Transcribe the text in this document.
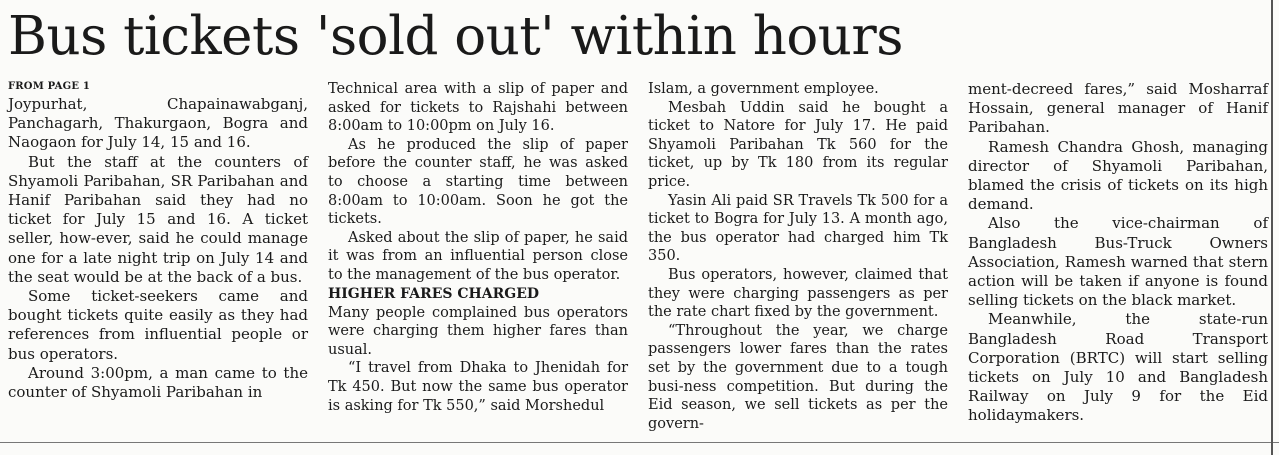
Bus tickets 'sold out' within hours
FROM PAGE 1

Joypurhat, Chapainawabganj, Panchagarh, Thakurgaon, Bogra and Naogaon for July 14, 15 and 16.

But the staff at the counters of Shyamoli Paribahan, SR Paribahan and Hanif Paribahan said they had no ticket for July 15 and 16. A ticket seller, how-ever, said he could manage one for a late night trip on July 14 and the seat would be at the back of a bus.

Some ticket-seekers came and bought tickets quite easily as they had references from influential people or bus operators.

Around 3:00pm, a man came to the counter of Shyamoli Paribahan in

Technical area with a slip of paper and asked for tickets to Rajshahi between 8:00am to 10:00pm on July 16.

As he produced the slip of paper before the counter staff, he was asked to choose a starting time between 8:00am to 10:00am. Soon he got the tickets.

Asked about the slip of paper, he said it was from an influential person close to the management of the bus operator.

HIGHER FARES CHARGED

Many people complained bus operators were charging them higher fares than usual.

“I travel from Dhaka to Jhenidah for Tk 450. But now the same bus operator is asking for Tk 550,” said Morshedul

Islam, a government employee.

Mesbah Uddin said he bought a ticket to Natore for July 17. He paid Shyamoli Paribahan Tk 560 for the ticket, up by Tk 180 from its regular price.

Yasin Ali paid SR Travels Tk 500 for a ticket to Bogra for July 13. A month ago, the bus operator had charged him Tk 350.

Bus operators, however, claimed that they were charging passengers as per the rate chart fixed by the government.

“Throughout the year, we charge passengers lower fares than the rates set by the government due to a tough busi-ness competition. But during the Eid season, we sell tickets as per the govern-

ment-decreed fares,” said Mosharraf Hossain, general manager of Hanif Paribahan.

Ramesh Chandra Ghosh, managing director of Shyamoli Paribahan, blamed the crisis of tickets on its high demand.

Also the vice-chairman of Bangladesh Bus-Truck Owners Association, Ramesh warned that stern action will be taken if anyone is found selling tickets on the black market.

Meanwhile, the state-run Bangladesh Road Transport Corporation (BRTC) will start selling tickets on July 10 and Bangladesh Railway on July 9 for the Eid holidaymakers.
